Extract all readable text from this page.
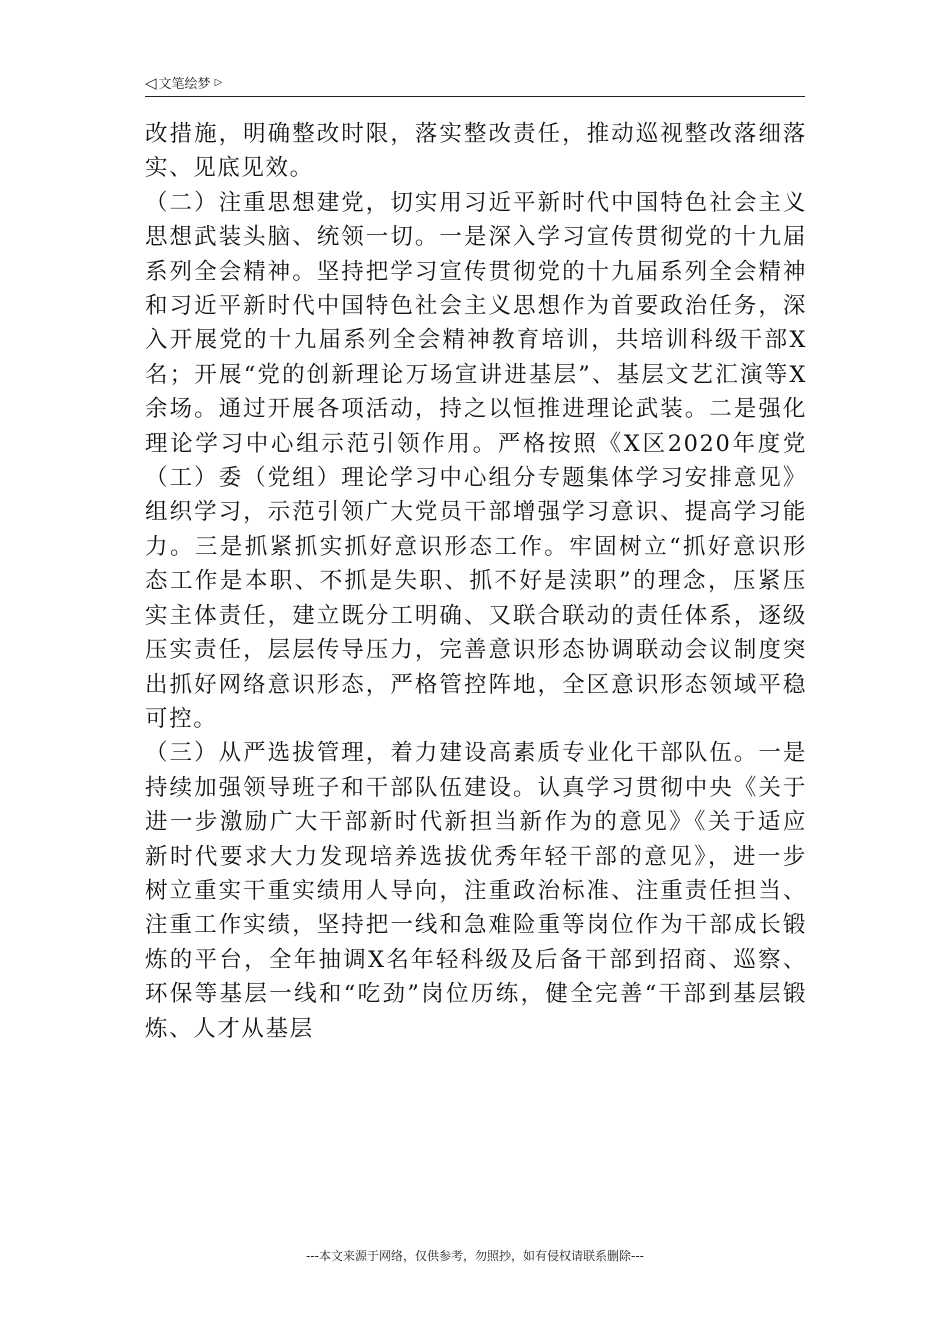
◁ 文笔绘梦 ▷

改措施，明确整改时限，落实整改责任，推动巡视整改落细落实、见底见效。

（二）注重思想建党，切实用习近平新时代中国特色社会主义思想武装头脑、统领一切。一是深入学习宣传贯彻党的十九届系列全会精神。坚持把学习宣传贯彻党的十九届系列全会精神和习近平新时代中国特色社会主义思想作为首要政治任务，深入开展党的十九届系列全会精神教育培训，共培训科级干部X名；开展“党的创新理论万场宣讲进基层”、基层文艺汇演等X余场。通过开展各项活动，持之以恒推进理论武装。二是强化理论学习中心组示范引领作用。严格按照《X区2020年度党（工）委（党组）理论学习中心组分专题集体学习安排意见》组织学习，示范引领广大党员干部增强学习意识、提高学习能力。三是抓紧抓实抓好意识形态工作。牢固树立“抓好意识形态工作是本职、不抓是失职、抓不好是渎职”的理念，压紧压实主体责任，建立既分工明确、又联合联动的责任体系，逐级压实责任，层层传导压力，完善意识形态协调联动会议制度突出抓好网络意识形态，严格管控阵地，全区意识形态领域平稳可控。

（三）从严选拔管理，着力建设高素质专业化干部队伍。一是持续加强领导班子和干部队伍建设。认真学习贯彻中央《关于进一步激励广大干部新时代新担当新作为的意见》《关于适应新时代要求大力发现培养选拔优秀年轻干部的意见》，进一步树立重实干重实绩用人导向，注重政治标准、注重责任担当、注重工作实绩，坚持把一线和急难险重等岗位作为干部成长锻炼的平台，全年抽调X名年轻科级及后备干部到招商、巡察、环保等基层一线和“吃劲”岗位历练，健全完善“干部到基层锻炼、人才从基层

---本文来源于网络，仅供参考，勿照抄，如有侵权请联系删除---
